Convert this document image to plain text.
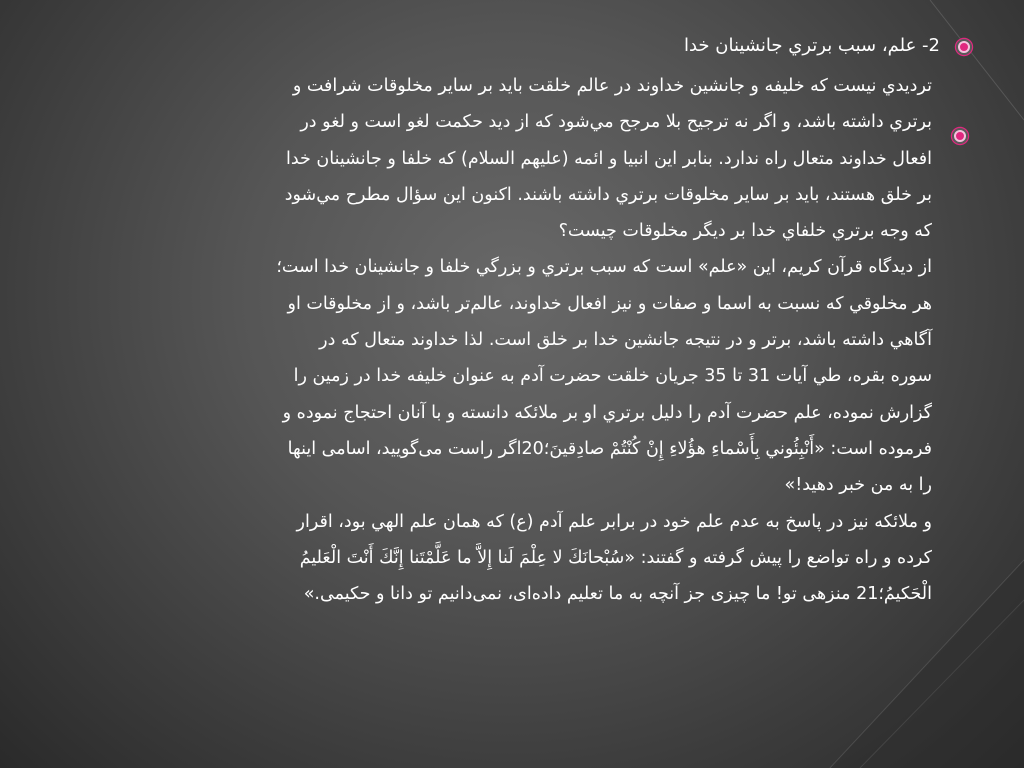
2- علم، سبب برتري جانشينان خدا
ترديدي نيست که خليفه و جانشين خداوند در عالم خلقت بايد بر ساير مخلوقات شرافت و
برتري داشته باشد، و اگر نه ترجيح بلا مرجح مي‌شود که از ديد حکمت لغو است و لغو در
افعال خداوند متعال راه ندارد. بنابر اين انبيا و ائمه (عليهم السلام) که خلفا و جانشينان خدا
بر خلق هستند، بايد بر ساير مخلوقات برتري داشته باشند. اکنون اين سؤال مطرح مي‌شود
که وجه برتري خلفاي خدا بر ديگر مخلوقات چيست؟
از ديدگاه قرآن کريم، اين «علم» است که سبب برتري و بزرگي خلفا و جانشينان خدا است؛
هر مخلوقي که نسبت به اسما و صفات و نيز افعال خداوند، عالم‌تر باشد، و از مخلوقات او
آگاهي داشته باشد، برتر و در نتيجه جانشين خدا بر خلق است. لذا خداوند متعال که در
سوره بقره، طي آيات 31 تا 35 جريان خلقت حضرت آدم به عنوان خليفه خدا در زمين را
گزارش نموده، علم حضرت آدم را دليل برتري او بر ملائکه دانسته و با آنان احتجاج نموده و
فرموده است: «أَنْبِئُوني بِأَسْماءِ هؤُلاءِ إِنْ كُنْتُمْ صادِقينَ؛20اگر راست می‌گوييد، اسامی اينها
را به من خبر دهيد!»
و ملائکه نيز در پاسخ به عدم علم خود در برابر علم آدم (ع) که همان علم الهي بود، اقرار
کرده و راه تواضع را پيش گرفته و گفتند: «سُبْحانَكَ لا عِلْمَ لَنا إِلاَّ ما عَلَّمْتَنا إِنَّكَ أَنْتَ الْعَليمُ
الْحَكيمُ؛21 منزهی تو! ما چيزی جز آنچه به ما تعليم داده‌ای، نمی‌دانيم تو دانا و حکيمی.»
